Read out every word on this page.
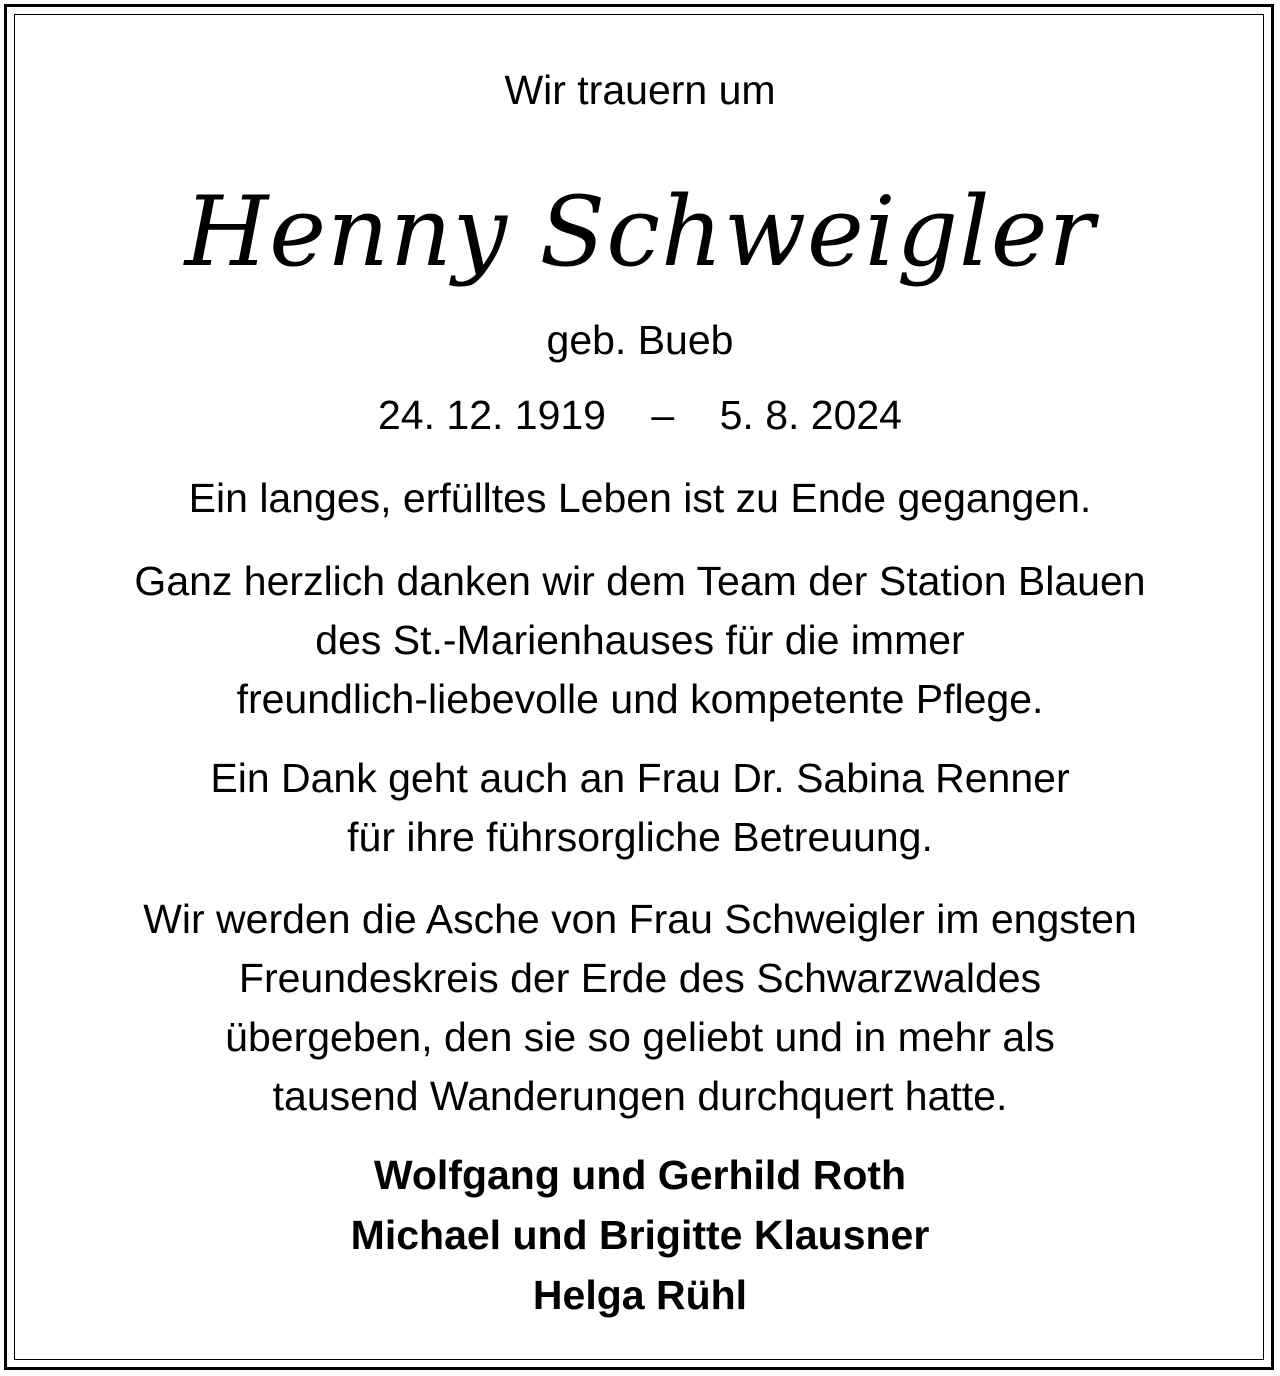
Wir trauern um
Henny Schweigler
geb. Bueb
24. 12. 1919 – 5. 8. 2024
Ein langes, erfülltes Leben ist zu Ende gegangen.
Ganz herzlich danken wir dem Team der Station Blauen
des St.-Marienhauses für die immer
freundlich-liebevolle und kompetente Pflege.
Ein Dank geht auch an Frau Dr. Sabina Renner
für ihre führsorgliche Betreuung.
Wir werden die Asche von Frau Schweigler im engsten
Freundeskreis der Erde des Schwarzwaldes
übergeben, den sie so geliebt und in mehr als
tausend Wanderungen durchquert hatte.
Wolfgang und Gerhild Roth
Michael und Brigitte Klausner
Helga Rühl
